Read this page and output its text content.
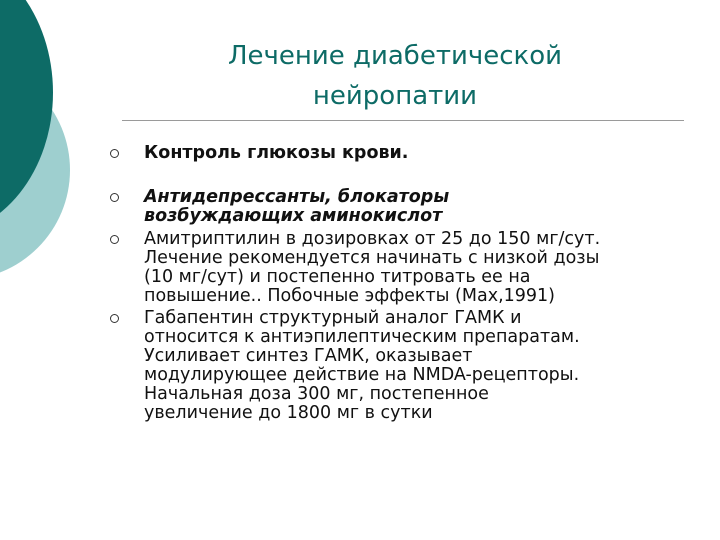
Лечение диабетической
нейропатии
Контроль глюкозы крови.
Антидепрессанты, блокаторы
возбуждающих аминокислот
Амитриптилин в дозировках от 25 до 150 мг/сут.
Лечение рекомендуется начинать с низкой дозы
(10 мг/сут) и постепенно титровать ее на
повышение.. Побочные эффекты (Max,1991)
Габапентин структурный аналог ГАМК и
относится к антиэпилептическим препаратам.
Усиливает синтез ГАМК, оказывает
модулирующее действие на NMDA-рецепторы.
Начальная доза 300 мг, постепенное
увеличение до 1800 мг в сутки
